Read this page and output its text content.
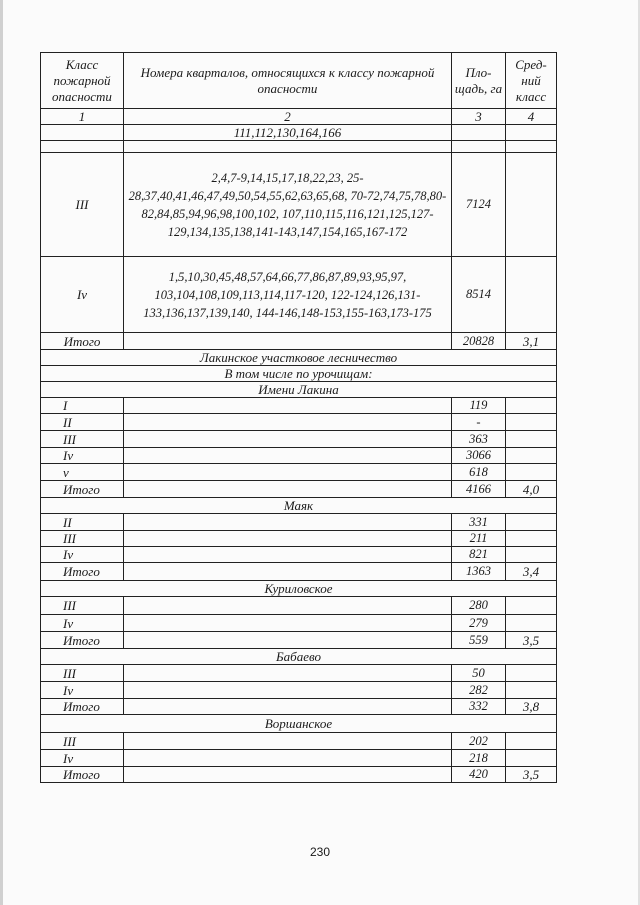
Класс пожарной опасности	Номера кварталов, относящихся к классу пожарной опасности	Пло- щадь, га	Сред- ний класс
1	2	3	4
	111,112,130,164,166		

III	2,4,7-9,14,15,17,18,22,23, 25-28,37,40,41,46,47,49,50,54,55,62,63,65,68, 70-72,74,75,78,80-82,84,85,94,96,98,100,102, 107,110,115,116,121,125,127- 129,134,135,138,141-143,147,154,165,167-172	7124	
Iv	1,5,10,30,45,48,57,64,66,77,86,87,89,93,95,97, 103,104,108,109,113,114,117-120, 122-124,126,131-133,136,137,139,140, 144-146,148-153,155-163,173-175	8514	
Итого		20828	3,1
Лакинское участковое лесничество			
В том числе по урочищам:			
Имени Лакина			
I		119	
II		-	
III		363	
Iv		3066	
v		618	
Итого		4166	4,0
Маяк			
II		331	
III		211	
Iv		821	
Итого		1363	3,4
Куриловское			
III		280	
Iv		279	
Итого		559	3,5
Бабаево			
III		50	
Iv		282	
Итого		332	3,8
Воршанское			
III		202	
Iv		218	
Итого		420	3,5
230
